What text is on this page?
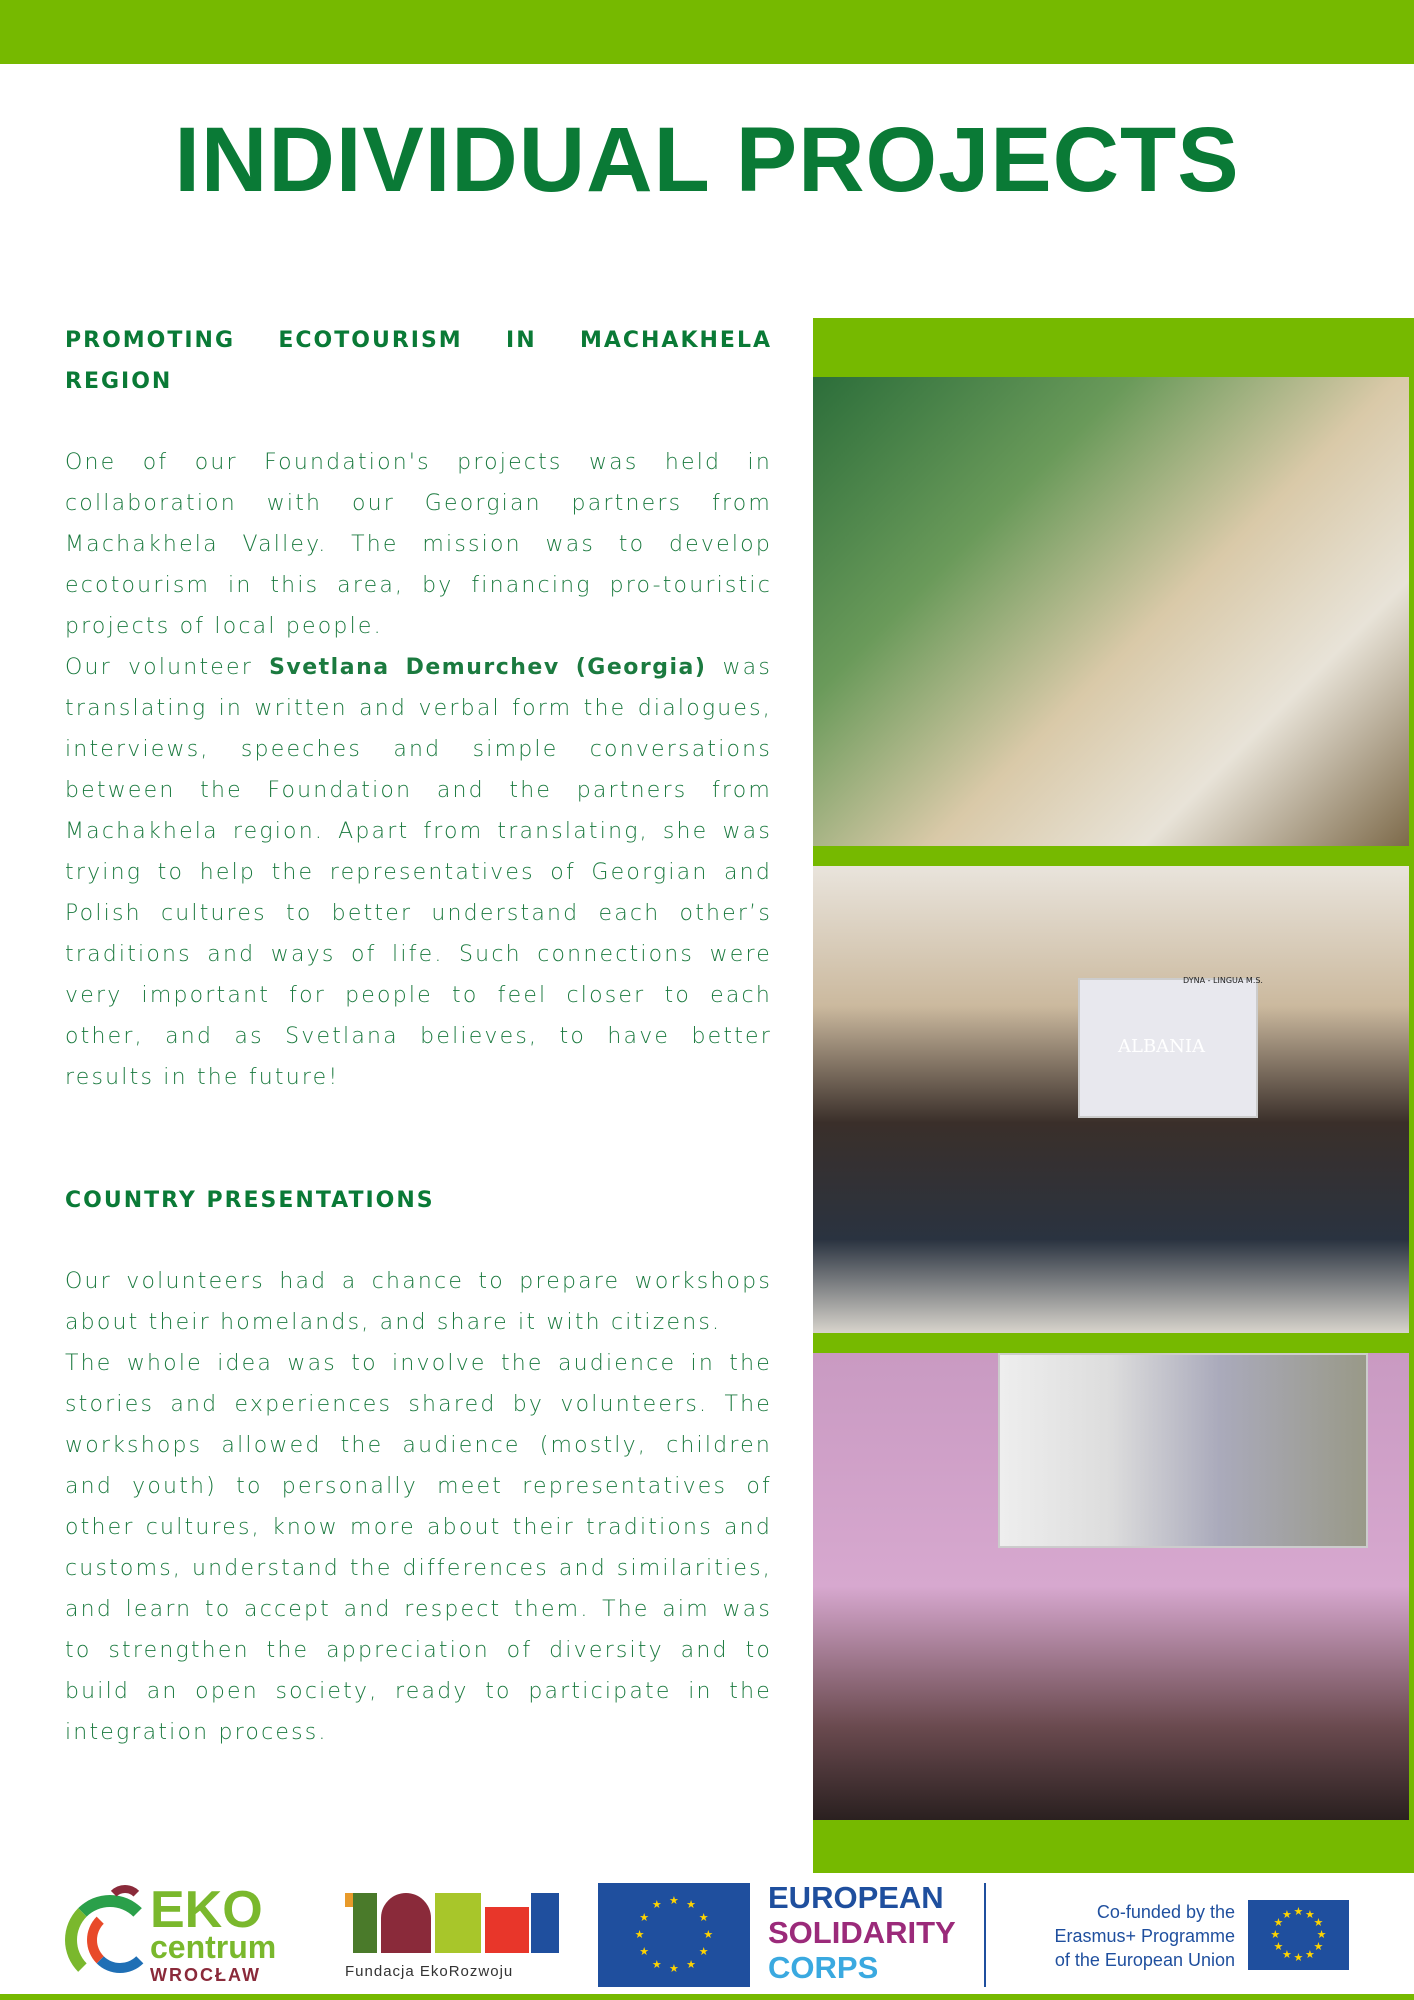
INDIVIDUAL PROJECTS
PROMOTING ECOTOURISM IN MACHAKHELA REGION

One of our Foundation's projects was held in collaboration with our Georgian partners from Machakhela Valley. The mission was to develop ecotourism in this area, by financing pro-touristic projects of local people.

Our volunteer Svetlana Demurchev (Georgia) was translating in written and verbal form the dialogues, interviews, speeches and simple conversations between the Foundation and the partners from Machakhela region. Apart from translating, she was trying to help the representatives of Georgian and Polish cultures to better understand each other’s traditions and ways of life. Such connections were very important for people to feel closer to each other, and as Svetlana believes, to have better results in the future!

COUNTRY PRESENTATIONS

Our volunteers had a chance to prepare workshops about their homelands, and share it with citizens.

The whole idea was to involve the audience in the stories and experiences shared by volunteers. The workshops allowed the audience (mostly, children and youth) to personally meet representatives of other cultures, know more about their traditions and customs, understand the differences and similarities, and learn to accept and respect them. The aim was to strengthen the appreciation of diversity and to build an open society, ready to participate in the integration process.

ALBANIA
DYNA - LINGUA M.S.
EKO
centrum
WROCŁAW	Fundacja EkoRozwoju
★
★
★
★
★
★
★
★
★ ★ ★
★
EUROPEAN
SOLIDARITY
CORPS
Co-funded by the
Erasmus+ Programme
of the European Union
★
★
★
★
★
★
★
★
★ ★ ★
★
